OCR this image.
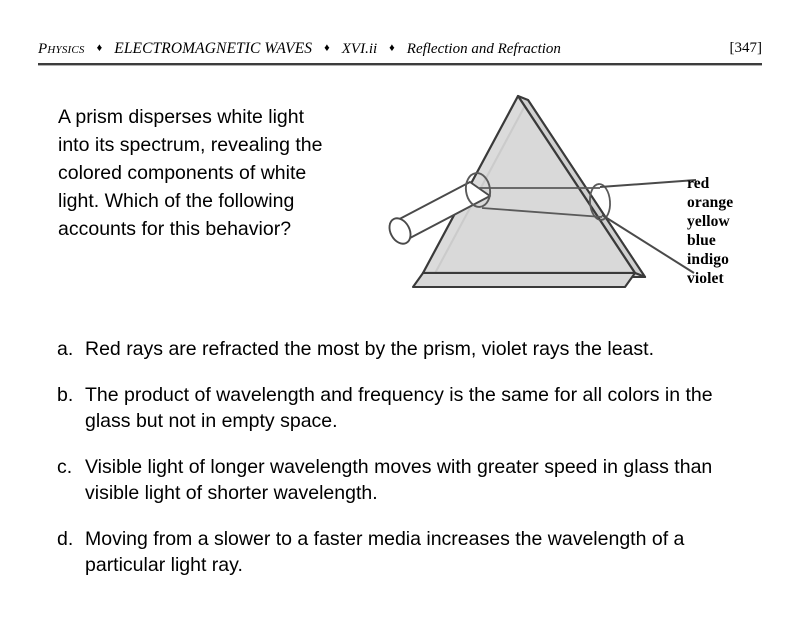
Physics	♦ ELECTROMAGNETIC WAVES	♦ XVI.ii	♦ Reflection and Refraction	[347]
A prism disperses white light
into its spectrum, revealing the
colored components of white
light. Which of the following
accounts for this behavior?
red
orange
yellow
blue
indigo
violet
a. Red rays are refracted the most by the prism, violet rays the least.
b. The product of wavelength and frequency is the same for all colors in the glass but not in empty space.
c. Visible light of longer wavelength moves with greater speed in glass than visible light of shorter wavelength.
d. Moving from a slower to a faster media increases the wavelength of a particular light ray.
